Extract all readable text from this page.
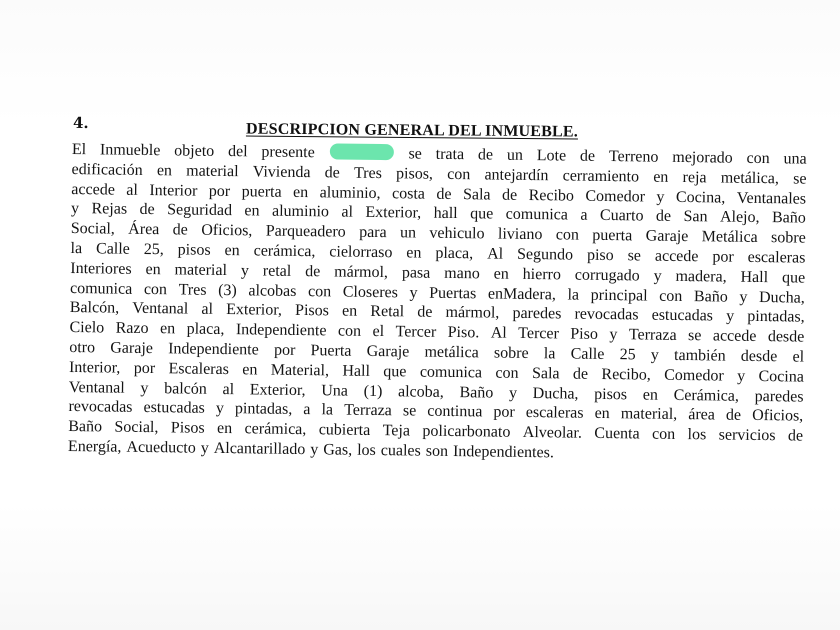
4.	DESCRIPCION GENERAL DEL INMUEBLE.
El Inmueble objeto del presente	se trata de un Lote de Terreno mejorado con una
edificación en material Vivienda de Tres pisos, con antejardín cerramiento en reja metálica, se
accede al Interior por puerta en aluminio, costa de Sala de Recibo Comedor y Cocina, Ventanales
y Rejas de Seguridad en aluminio al Exterior, hall que comunica a Cuarto de San Alejo, Baño
Social, Área de Oficios, Parqueadero para un vehiculo liviano con puerta Garaje Metálica sobre
la Calle 25, pisos en cerámica, cielorraso en placa, Al Segundo piso se accede por escaleras
Interiores en material y retal de mármol, pasa mano en hierro corrugado y madera, Hall que
comunica con Tres (3) alcobas con Closeres y Puertas enMadera, la principal con Baño y Ducha,
Balcón, Ventanal al Exterior, Pisos en Retal de mármol, paredes revocadas estucadas y pintadas,
Cielo Razo en placa, Independiente con el Tercer Piso. Al Tercer Piso y Terraza se accede desde
otro Garaje Independiente por Puerta Garaje metálica sobre la Calle 25 y también desde el
Interior, por Escaleras en Material, Hall que comunica con Sala de Recibo, Comedor y Cocina
Ventanal y balcón al Exterior, Una (1) alcoba, Baño y Ducha, pisos en Cerámica, paredes
revocadas estucadas y pintadas, a la Terraza se continua por escaleras en material, área de Oficios,
Baño Social, Pisos en cerámica, cubierta Teja policarbonato Alveolar. Cuenta con los servicios de
Energía, Acueducto y Alcantarillado y Gas, los cuales son Independientes.
